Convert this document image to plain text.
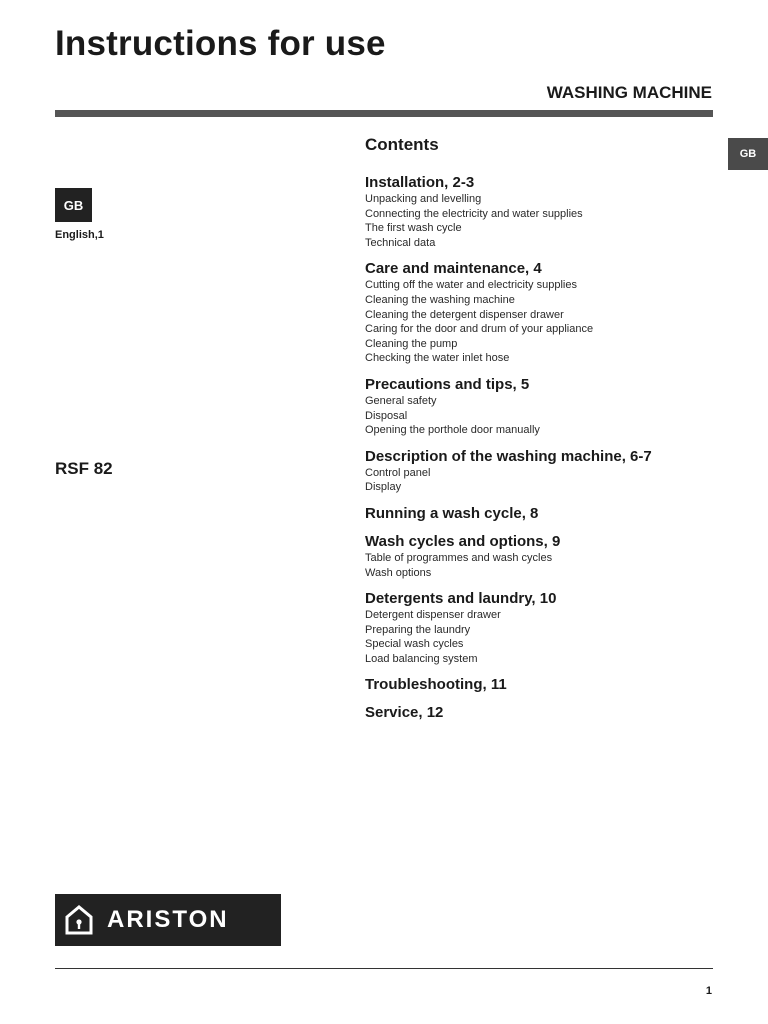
Instructions for use
WASHING MACHINE
GB
GB
English,1
RSF 82
Contents
Installation, 2-3
Unpacking and levelling
Connecting the electricity and water supplies
The first wash cycle
Technical data
Care and maintenance, 4
Cutting off the water and electricity supplies
Cleaning the washing machine
Cleaning the detergent dispenser drawer
Caring for the door and drum of your appliance
Cleaning the pump
Checking the water inlet hose
Precautions and tips, 5
General safety
Disposal
Opening the porthole door manually
Description of the washing machine, 6-7
Control panel
Display
Running a wash cycle, 8
Wash cycles and options, 9
Table of programmes and wash cycles
Wash options
Detergents and laundry, 10
Detergent dispenser drawer
Preparing the laundry
Special wash cycles
Load balancing system
Troubleshooting, 11
Service, 12
ARISTON
1
